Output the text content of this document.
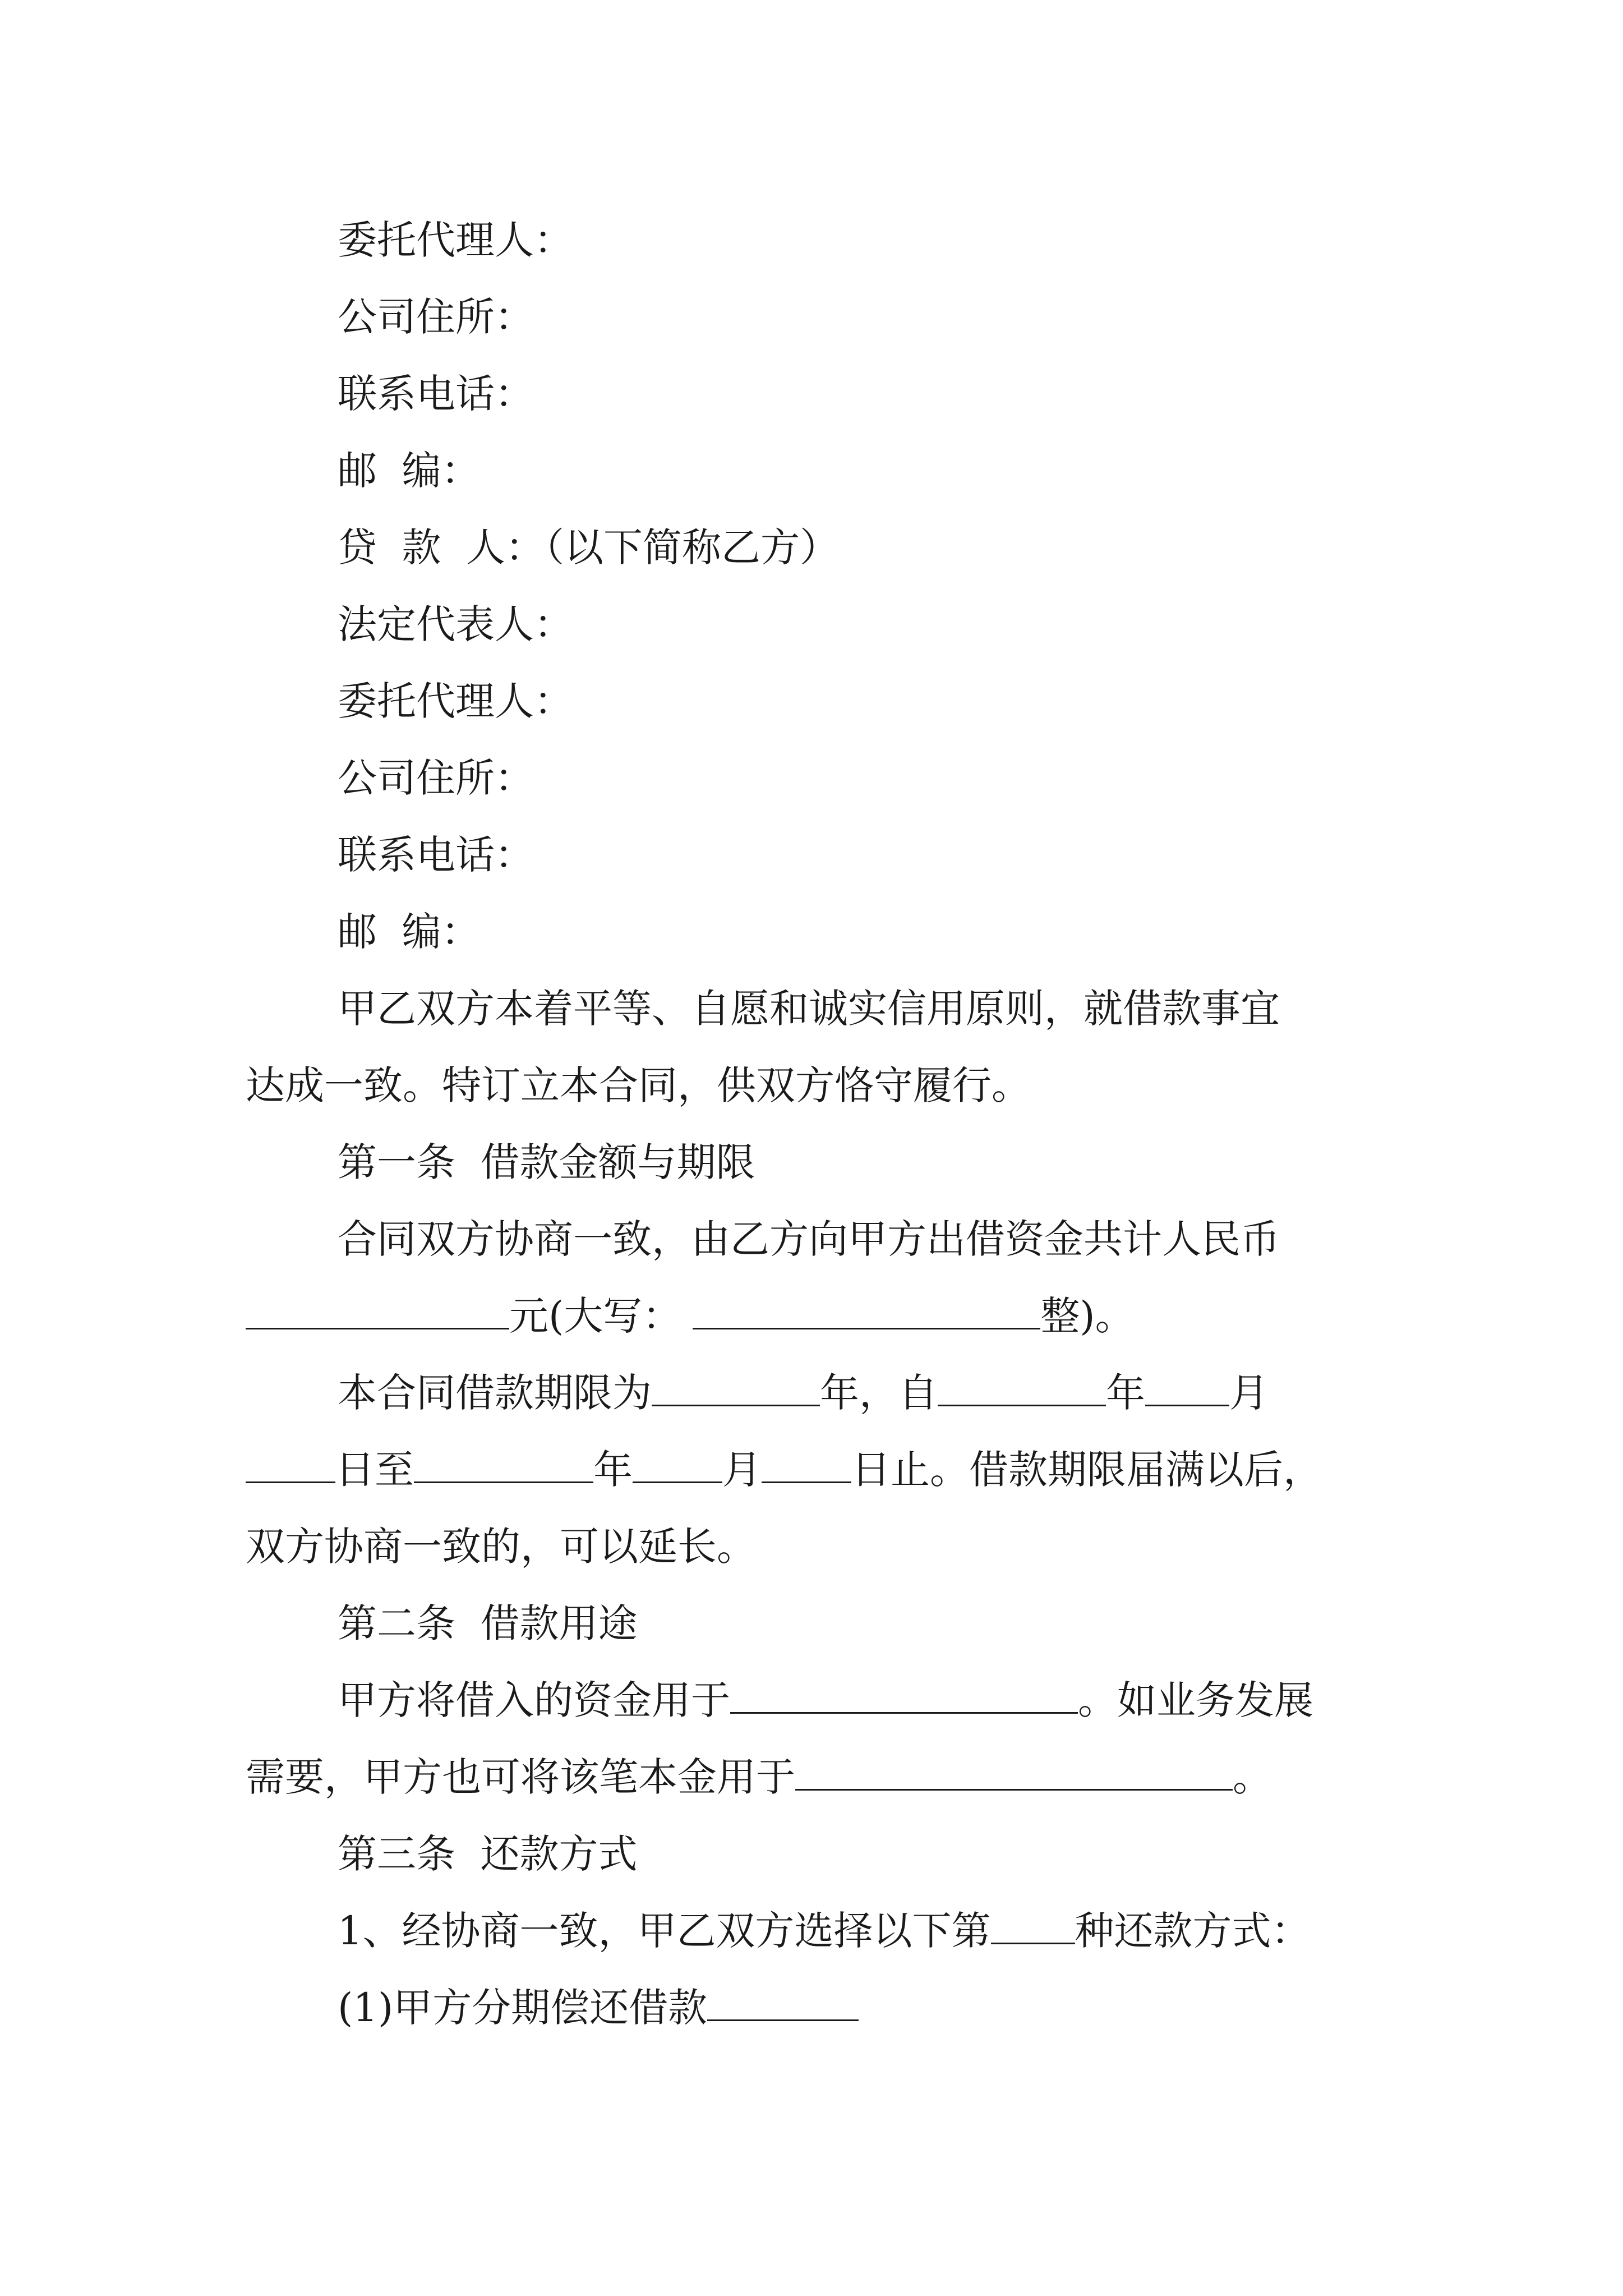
委托代理人：
公司住所：
联系电话：
邮  编：
贷  款  人：（以下简称乙方）
法定代表人：
委托代理人：
公司住所：
联系电话：
邮  编：
甲乙双方本着平等、自愿和诚实信用原则，就借款事宜
达成一致。特订立本合同，供双方恪守履行。
第一条  借款金额与期限
合同双方协商一致，由乙方向甲方出借资金共计人民币
元(大写：	整)。
本合同借款期限为	年，自	年 月
日至	年 月 日止。借款期限届满以后，
双方协商一致的，可以延长。
第二条  借款用途
甲方将借入的资金用于	。如业务发展
需要，甲方也可将该笔本金用于	。
第三条  还款方式
1、经协商一致，甲乙双方选择以下第 种还款方式：
(1)甲方分期偿还借款
